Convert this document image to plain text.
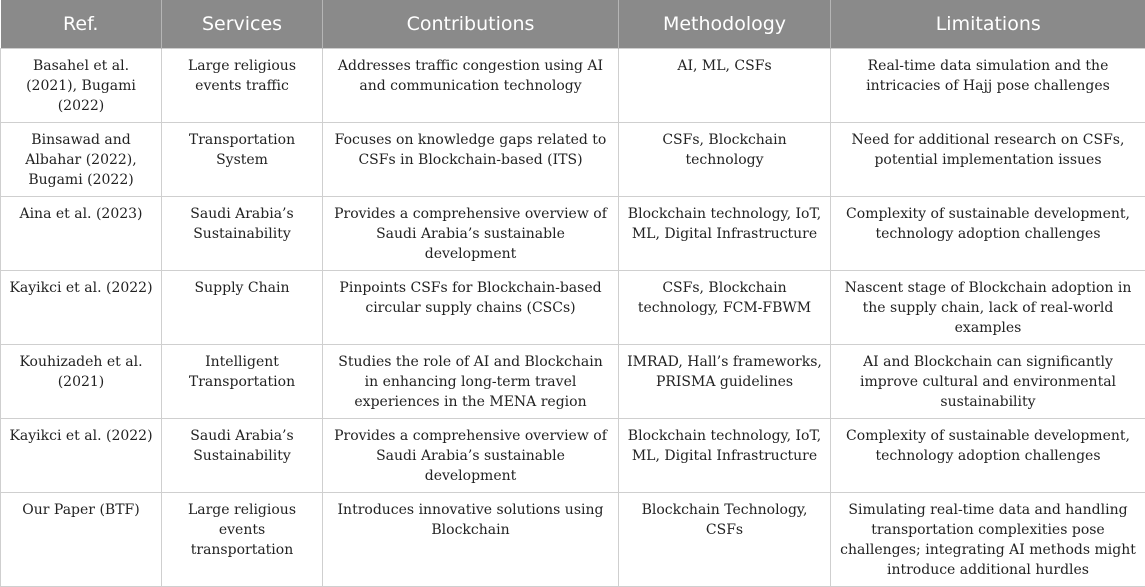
Ref.	Services	Contributions	Methodology	Limitations
Basahel et al. (2021), Bugami (2022)	Large religious events traffic	Addresses traffic congestion using AI and communication technology	AI, ML, CSFs	Real-time data simulation and the intricacies of Hajj pose challenges
Binsawad and Albahar (2022), Bugami (2022)	Transportation System	Focuses on knowledge gaps related to CSFs in Blockchain-based (ITS)	CSFs, Blockchain technology	Need for additional research on CSFs, potential implementation issues
Aina et al. (2023)	Saudi Arabia’s Sustainability	Provides a comprehensive overview of Saudi Arabia’s sustainable development	Blockchain technology, IoT, ML, Digital Infrastructure	Complexity of sustainable development, technology adoption challenges
Kayikci et al. (2022)	Supply Chain	Pinpoints CSFs for Blockchain-based circular supply chains (CSCs)	CSFs, Blockchain technology, FCM-FBWM	Nascent stage of Blockchain adoption in the supply chain, lack of real-world examples
Kouhizadeh et al. (2021)	Intelligent Transportation	Studies the role of AI and Blockchain in enhancing long-term travel experiences in the MENA region	IMRAD, Hall’s frameworks, PRISMA guidelines	AI and Blockchain can significantly improve cultural and environmental sustainability
Kayikci et al. (2022)	Saudi Arabia’s Sustainability	Provides a comprehensive overview of Saudi Arabia’s sustainable development	Blockchain technology, IoT, ML, Digital Infrastructure	Complexity of sustainable development, technology adoption challenges
Our Paper (BTF)	Large religious events transportation	Introduces innovative solutions using Blockchain	Blockchain Technology, CSFs	Simulating real-time data and handling transportation complexities pose challenges; integrating AI methods might introduce additional hurdles
